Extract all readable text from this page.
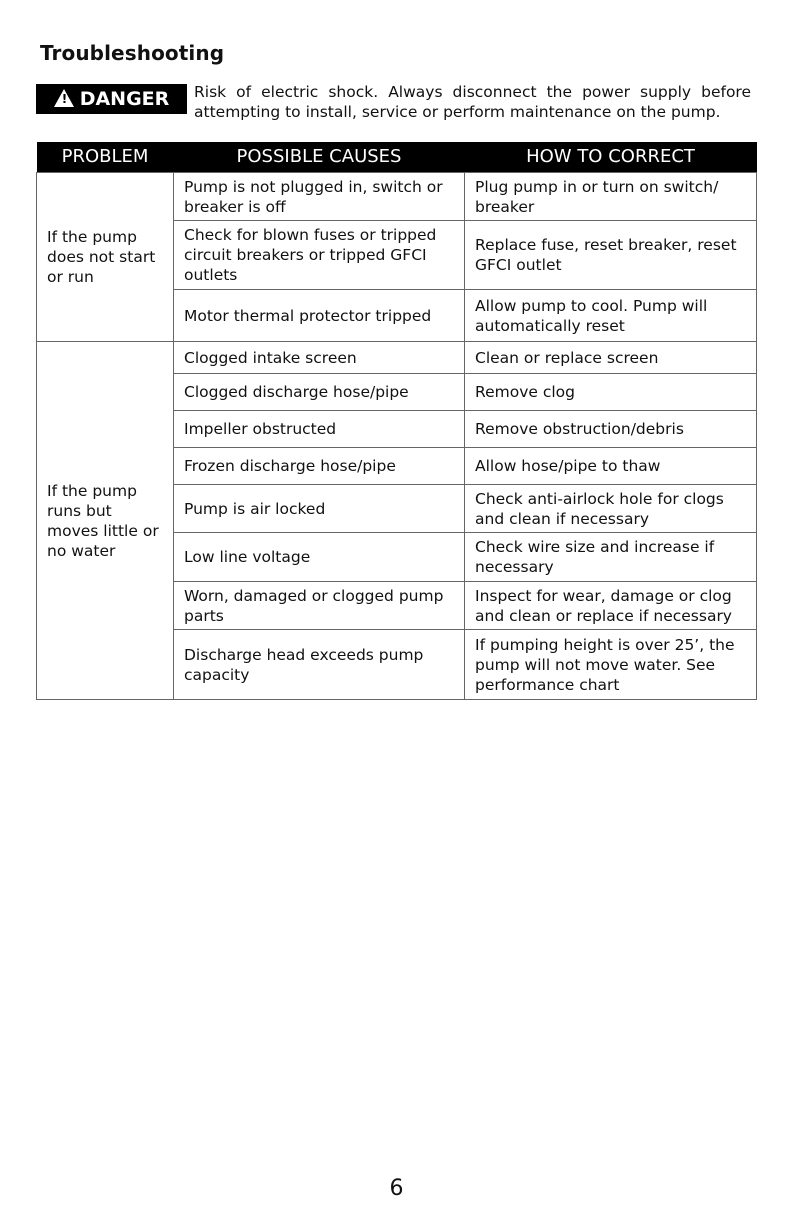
Troubleshooting
! DANGER Risk of electric shock. Always disconnect the power supply before
attempting to install, service or perform maintenance on the pump.
PROBLEM	POSSIBLE CAUSES	HOW TO CORRECT
If the pump does not start or run	Pump is not plugged in, switch or breaker is off	Plug pump in or turn on switch/ breaker
	Check for blown fuses or tripped circuit breakers or tripped GFCI outlets	Replace fuse, reset breaker, reset GFCI outlet
	Motor thermal protector tripped	Allow pump to cool. Pump will automatically reset
If the pump runs but moves little or no water	Clogged intake screen	Clean or replace screen
	Clogged discharge hose/pipe	Remove clog
	Impeller obstructed	Remove obstruction/debris
	Frozen discharge hose/pipe	Allow hose/pipe to thaw
	Pump is air locked	Check anti-airlock hole for clogs and clean if necessary
	Low line voltage	Check wire size and increase if necessary
	Worn, damaged or clogged pump parts	Inspect for wear, damage or clog and clean or replace if necessary
	Discharge head exceeds pump capacity	If pumping height is over 25’, the pump will not move water. See performance chart
6
